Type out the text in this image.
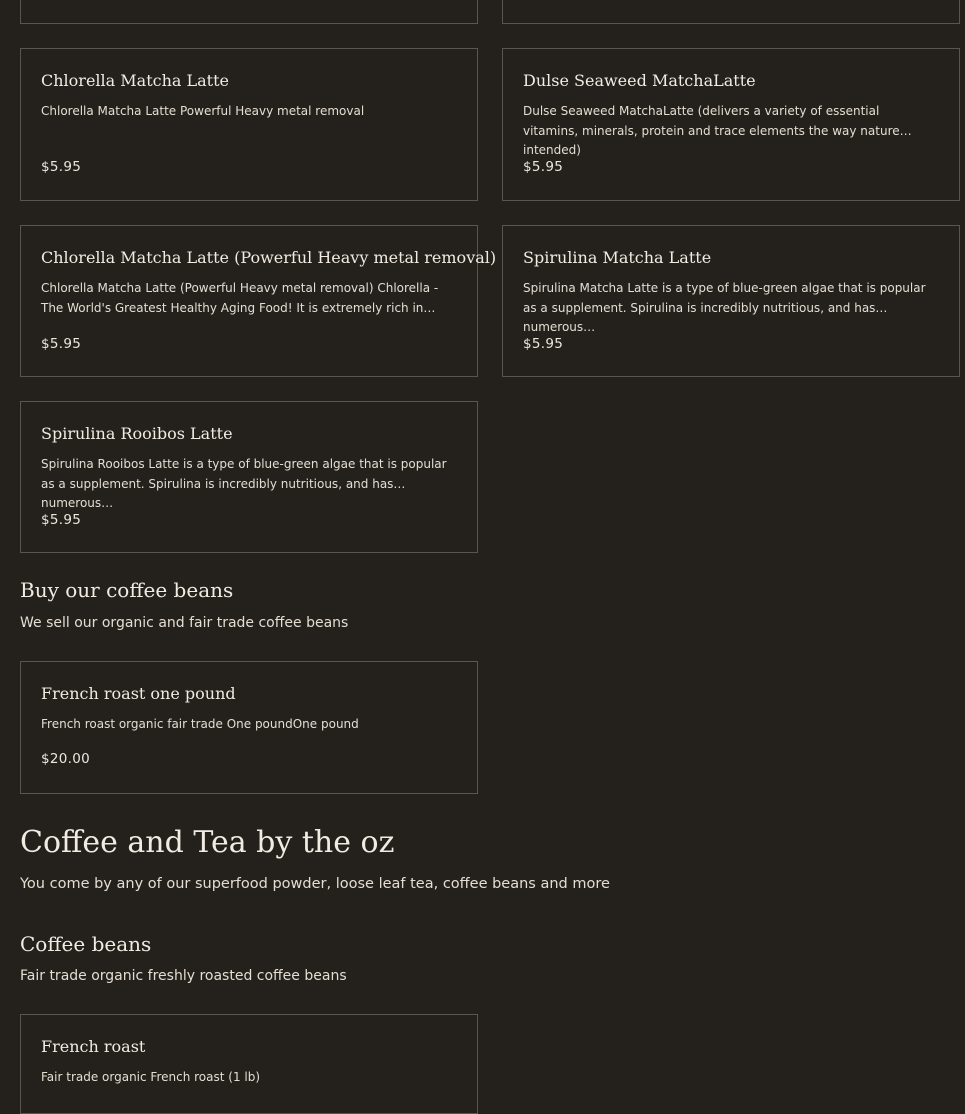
Chlorella Matcha Latte
Chlorella Matcha Latte Powerful Heavy metal removal
$5.95
Dulse Seaweed MatchaLatte
Dulse Seaweed MatchaLatte (delivers a variety of essential vitamins, minerals, protein and trace elements the way nature intended)
$5.95
Chlorella Matcha Latte (Powerful Heavy metal removal)
Chlorella Matcha Latte (Powerful Heavy metal removal) Chlorella - The World's Greatest Healthy Aging Food! It is extremely rich in…
$5.95
Spirulina Matcha Latte
Spirulina Matcha Latte is a type of blue-green algae that is popular as a supplement. Spirulina is incredibly nutritious, and has numerous…
$5.95
Spirulina Rooibos Latte
Spirulina Rooibos Latte is a type of blue-green algae that is popular as a supplement. Spirulina is incredibly nutritious, and has numerous…
$5.95
Buy our coffee beans
We sell our organic and fair trade coffee beans
French roast one pound
French roast organic fair trade One poundOne pound
$20.00
Coffee and Tea by the oz
You come by any of our superfood powder, loose leaf tea, coffee beans and more
Coffee beans
Fair trade organic freshly roasted coffee beans
French roast
Fair trade organic French roast (1 lb)
